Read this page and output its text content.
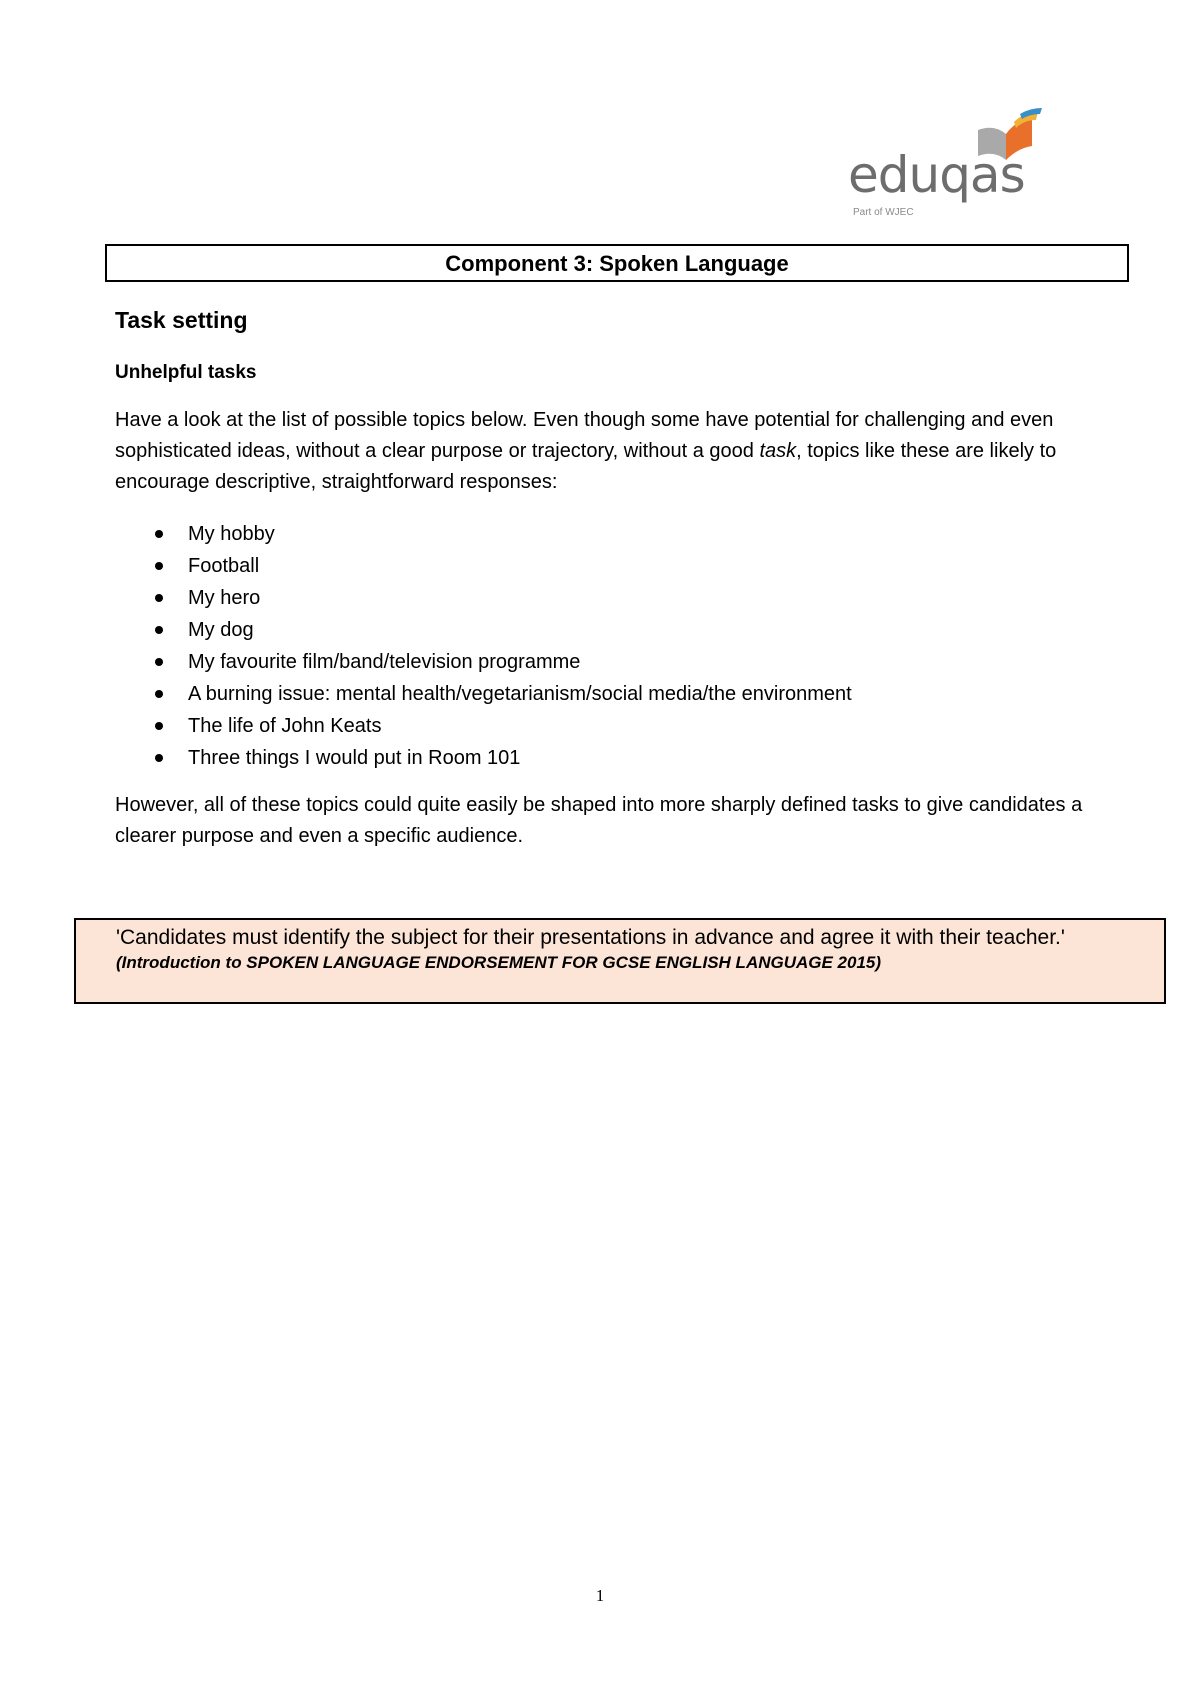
eduqas
Part of WJEC
Component 3: Spoken Language
Task setting
Unhelpful tasks

Have a look at the list of possible topics below. Even though some have potential for challenging and even sophisticated ideas, without a clear purpose or trajectory, without a good task, topics like these are likely to encourage descriptive, straightforward responses:

My hobby
Football
My hero
My dog
My favourite film/band/television programme
A burning issue: mental health/vegetarianism/social media/the environment
The life of John Keats
Three things I would put in Room 101

However, all of these topics could quite easily be shaped into more sharply defined tasks to give candidates a clearer purpose and even a specific audience.

'Candidates must identify the subject for their presentations in advance and agree it with their teacher.'
(Introduction to SPOKEN LANGUAGE ENDORSEMENT FOR GCSE ENGLISH LANGUAGE 2015)
1
